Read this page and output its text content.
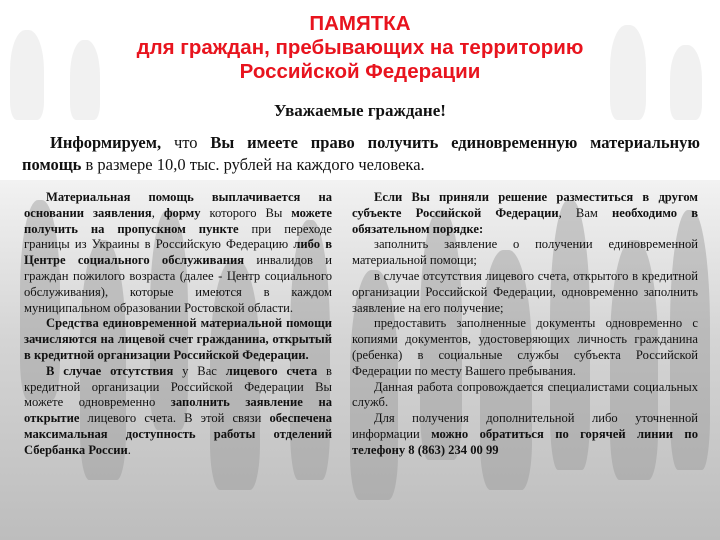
ПАМЯТКА
для граждан, пребывающих на территорию
Российской Федерации
Уважаемые граждане!
Информируем, что Вы имеете право получить единовременную материальную помощь в размере 10,0 тыс. рублей на каждого человека.

Материальная помощь выплачивается на основании заявления, форму которого Вы можете получить на пропускном пункте при переходе границы из Украины в Российскую Федерацию либо в Центре социального обслуживания инвалидов и граждан пожилого возраста (далее - Центр социального обслуживания), которые имеются в каждом муниципальном образовании Ростовской области.

Средства единовременной материальной помощи зачисляются на лицевой счет гражданина, открытый в кредитной организации Российской Федерации.

В случае отсутствия у Вас лицевого счета в кредитной организации Российской Федерации Вы можете одновременно заполнить заявление на открытие лицевого счета. В этой связи обеспечена максимальная доступность работы отделений Сбербанка России.

Если Вы приняли решение разместиться в другом субъекте Российской Федерации, Вам необходимо в обязательном порядке:

заполнить заявление о получении единовременной материальной помощи;

в случае отсутствия лицевого счета, открытого в кредитной организации Российской Федерации, одновременно заполнить заявление на его получение;

предоставить заполненные документы одновременно с копиями документов, удостоверяющих личность гражданина (ребенка) в социальные службы субъекта Российской Федерации по месту Вашего пребывания.

Данная работа сопровождается специалистами социальных служб.

Для получения дополнительной либо уточненной информации можно обратиться по горячей линии по телефону 8 (863) 234 00 99
